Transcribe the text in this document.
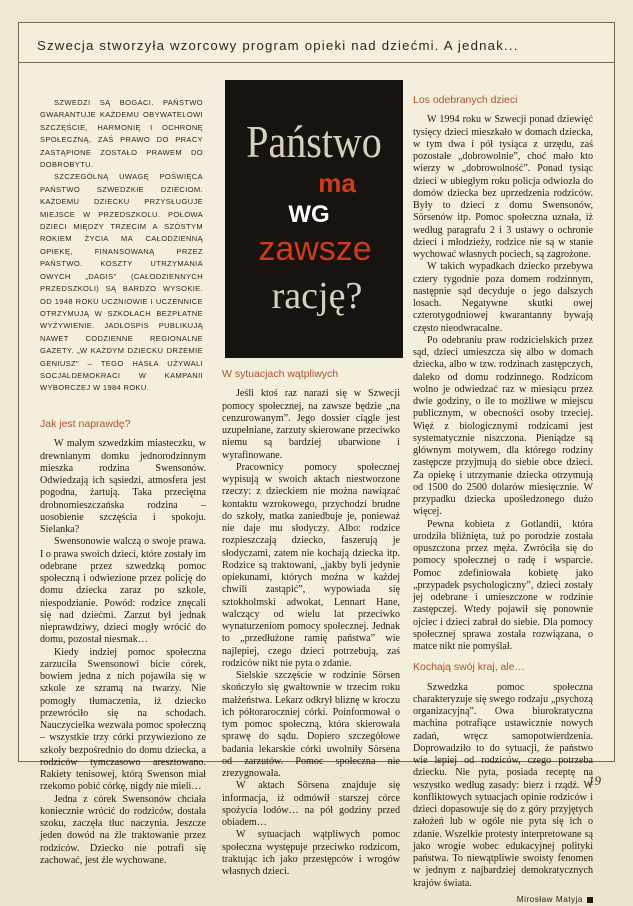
Szwecja stworzyła wzorcowy program opieki nad dziećmi. A jednak...

SZWEDZI SĄ BOGACI. PAŃSTWO GWARANTUJE KAŻDEMU OBYWATELOWI SZCZĘŚCIE, HARMONIĘ I OCHRONĘ SPOŁECZNĄ, ZAŚ PRAWO DO PRACY ZASTĄPIONE ZOSTAŁO PRAWEM DO DOBROBYTU.

SZCZEGÓLNĄ UWAGĘ POŚWIĘCA PAŃSTWO SZWEDZKIE DZIECIOM. KAŻDEMU DZIECKU PRZYSŁUGUJE MIEJSCE W PRZEDSZKOLU. POŁOWA DZIECI MIĘDZY TRZECIM A SZÓSTYM ROKIEM ŻYCIA MA CAŁODZIENNĄ OPIEKĘ, FINANSOWANĄ PRZEZ PAŃSTWO. KOSZTY UTRZYMANIA OWYCH „DAGIS” (CAŁODZIENNYCH PRZEDSZKOLI) SĄ BARDZO WYSOKIE. OD 1948 ROKU UCZNIOWIE I UCZENNICE OTRZYMUJĄ W SZKOŁACH BEZPŁATNE WYŻYWIENIE. JADŁOSPIS PUBLIKUJĄ NAWET CODZIENNE REGIONALNE GAZETY. „W KAŻDYM DZIECKU DRZEMIE GENIUSZ” – TEGO HASŁA UŻYWALI SOCJALDEMOKRACI W KAMPANII WYBORCZEJ W 1984 ROKU.

Państwo
ma
WG
zawsze
rację?

Jak jest naprawdę?

W małym szwedzkim miasteczku, w drewnianym domku jednorodzinnym mieszka rodzina Swensonów. Odwiedzają ich sąsiedzi, atmosfera jest pogodna, żartują. Taka przeciętna drobnomieszczańska rodzina – uosobienie szczęścia i spokoju. Sielanka?

Swensonowie walczą o swoje prawa. I o prawa swoich dzieci, które zostały im odebrane przez szwedzką pomoc społeczną i odwiezione przez policję do domu dziecka zaraz po szkole, niespodzianie. Powód: rodzice znęcali się nad dziećmi. Zarzut był jednak nieprawdziwy, dzieci mogły wrócić do domu, pozostał niesmak…

Kiedy indziej pomoc społeczna zarzuciła Swensonowi bicie córek, bowiem jedna z nich pojawiła się w szkole ze szramą na twarzy. Nie pomogły tłumaczenia, iż dziecko przewróciło się na schodach. Nauczycielka wezwała pomoc społeczną – wszystkie trzy córki przywieziono ze szkoły bezpośrednio do domu dziecka, a rodziców tymczasowo aresztowano. Rakiety tenisowej, którą Swenson miał rzekomo pobić córkę, nigdy nie mieli…

Jedna z córek Swensonów chciała koniecznie wrócić do rodziców, dostała szoku, zaczęła tłuc naczynia. Jeszcze jeden dowód na źle traktowanie przez rodziców. Dziecko nie potrafi się zachować, jest źle wychowane.

W sytuacjach wątpliwych

Jeśli ktoś raz narazi się w Szwecji pomocy społecznej, na zawsze będzie „na cenzurowanym”. Jego dossier ciągle jest uzupełniane, zarzuty skierowane przeciwko niemu są bardziej ubarwione i wyrafinowane.

Pracownicy pomocy społecznej wypisują w swoich aktach niestworzone rzeczy: z dzieckiem nie można nawiązać kontaktu wzrokowego, przychodzi brudne do szkoły, matka zaniedbuje je, ponieważ nie daje mu słodyczy. Albo: rodzice rozpieszczają dziecko, faszerują je słodyczami, zatem nie kochają dziecka itp. Rodzice są traktowani, „jakby byli jedynie opiekunami, których można w każdej chwili zastąpić”, wypowiada się sztokholmski adwokat, Lennart Hane, walczący od wielu lat przeciwko wynaturzeniom pomocy społecznej. Jednak to „przedłużone ramię państwa” wie najlepiej, czego dzieci potrzebują, zaś rodziców nikt nie pyta o zdanie.

Sielskie szczęście w rodzinie Sörsen skończyło się gwałtownie w trzecim roku małżeństwa. Lekarz odkrył bliznę w kroczu ich półtoraroczniej córki. Poinformował o tym pomoc społeczną, która skierowała sprawę do sądu. Dopiero szczegółowe badania lekarskie córki uwolniły Sörsena od zarzutów. Pomoc społeczna nie zrezygnowała.

W aktach Sörsena znajduje się informacja, iż odmówił starszej córce spożycia lodów… na pół godziny przed obiadem…

W sytuacjach wątpliwych pomoc społeczna występuje przeciwko rodzicom, traktując ich jako przestępców i wrogów własnych dzieci.

Los odebranych dzieci

W 1994 roku w Szwecji ponad dziewięć tysięcy dzieci mieszkało w domach dziecka, w tym dwa i pół tysiąca z urzędu, zaś pozostałe „dobrowolnie”, choć mało kto wierzy w „dobrowolność”. Ponad tysiąc dzieci w ubiegłym roku policja odwiozła do domów dziecka bez uprzedzenia rodziców. Były to dzieci z domu Swensonów, Sörsenów itp. Pomoc społeczna uznała, iż według paragrafu 2 i 3 ustawy o ochronie dzieci i młodzieży, rodzice nie są w stanie wychować własnych pociech, są zagrożone.

W takich wypadkach dziecko przebywa cztery tygodnie poza domem rodzinnym, następnie sąd decyduje o jego dalszych losach. Negatywne skutki owej czterotygodniowej kwarantanny bywają często nieodwracalne.

Po odebraniu praw rodzicielskich przez sąd, dzieci umieszcza się albo w domach dziecka, albo w tzw. rodzinach zastępczych, daleko od domu rodzinnego. Rodzicom wolno je odwiedzać raz w miesiącu przez dwie godziny, o ile to możliwe w miejscu publicznym, w obecności osoby trzeciej. Więź z biologicznymi rodzicami jest systematycznie niszczona. Pieniądze są głównym motywem, dla którego rodziny zastępcze przyjmują do siebie obce dzieci. Za opiekę i utrzymanie dziecka otrzymują od 1500 do 2500 dolarów miesięcznie. W przypadku dziecka upośledzonego dużo więcej.

Pewna kobieta z Gotlandii, która urodziła bliźnięta, tuż po porodzie została opuszczona przez męża. Zwróciła się do pomocy społecznej o radę i wsparcie. Pomoc zdefiniowała kobietę jako „przypadek psychologiczny”, dzieci zostały jej odebrane i umieszczone w rodzinie zastępczej. Wtedy pojawił się ponownie ojciec i dzieci zabrał do siebie. Dla pomocy społecznej sprawa została rozwiązana, o matce nikt nie pomyślał.

Kochają swój kraj, ale…

Szwedzka pomoc społeczna charakteryzuje się swego rodzaju „psychozą organizacyjną”. Owa biurokratyczna machina potrafiące ustawicznie nowych zadań, wręcz samopotwierdzenia. Doprowadziło to do sytuacji, że państwo wie lepiej od rodziców, czego potrzeba dziecku. Nie pyta, posiada receptę na wszystko według zasady: bierz i rządź. W konfliktowych sytuacjach opinie rodziców i dzieci dopasowuje się do z góry przyjętych założeń lub w ogóle nie pyta się ich o zdanie. Wszelkie protesty interpretowane są jako wrogie wobec edukacyjnej polityki państwa. To niewątpliwie swoisty fenomen w jednym z najbardziej demokratycznych krajów świata.

Mirosław Matyja

19
